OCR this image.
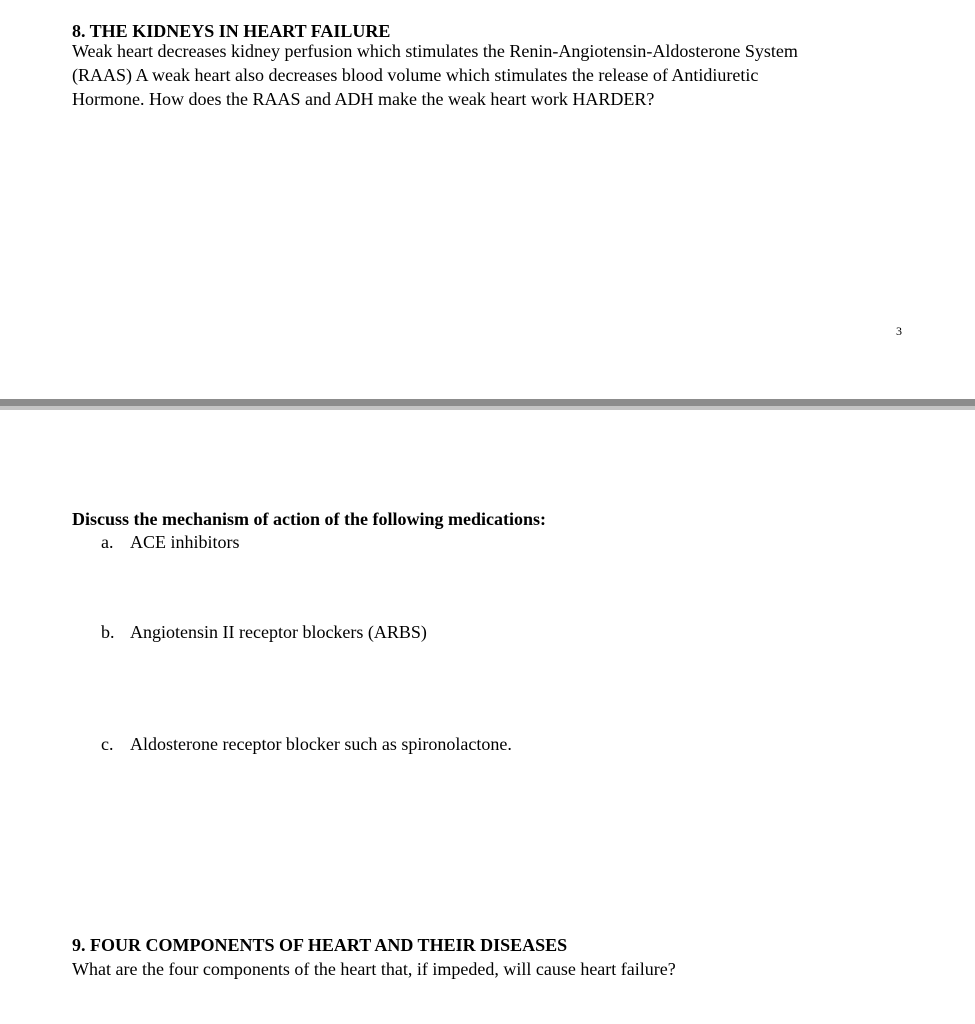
8. THE KIDNEYS IN HEART FAILURE
Weak heart decreases kidney perfusion which stimulates the Renin-Angiotensin-Aldosterone System
(RAAS) A weak heart also decreases blood volume which stimulates the release of Antidiuretic
Hormone. How does the RAAS and ADH make the weak heart work HARDER?
3
Discuss the mechanism of action of the following medications:
a. ACE inhibitors
b. Angiotensin II receptor blockers (ARBS)
c. Aldosterone receptor blocker such as spironolactone.
9. FOUR COMPONENTS OF HEART AND THEIR DISEASES
What are the four components of the heart that, if impeded, will cause heart failure?
